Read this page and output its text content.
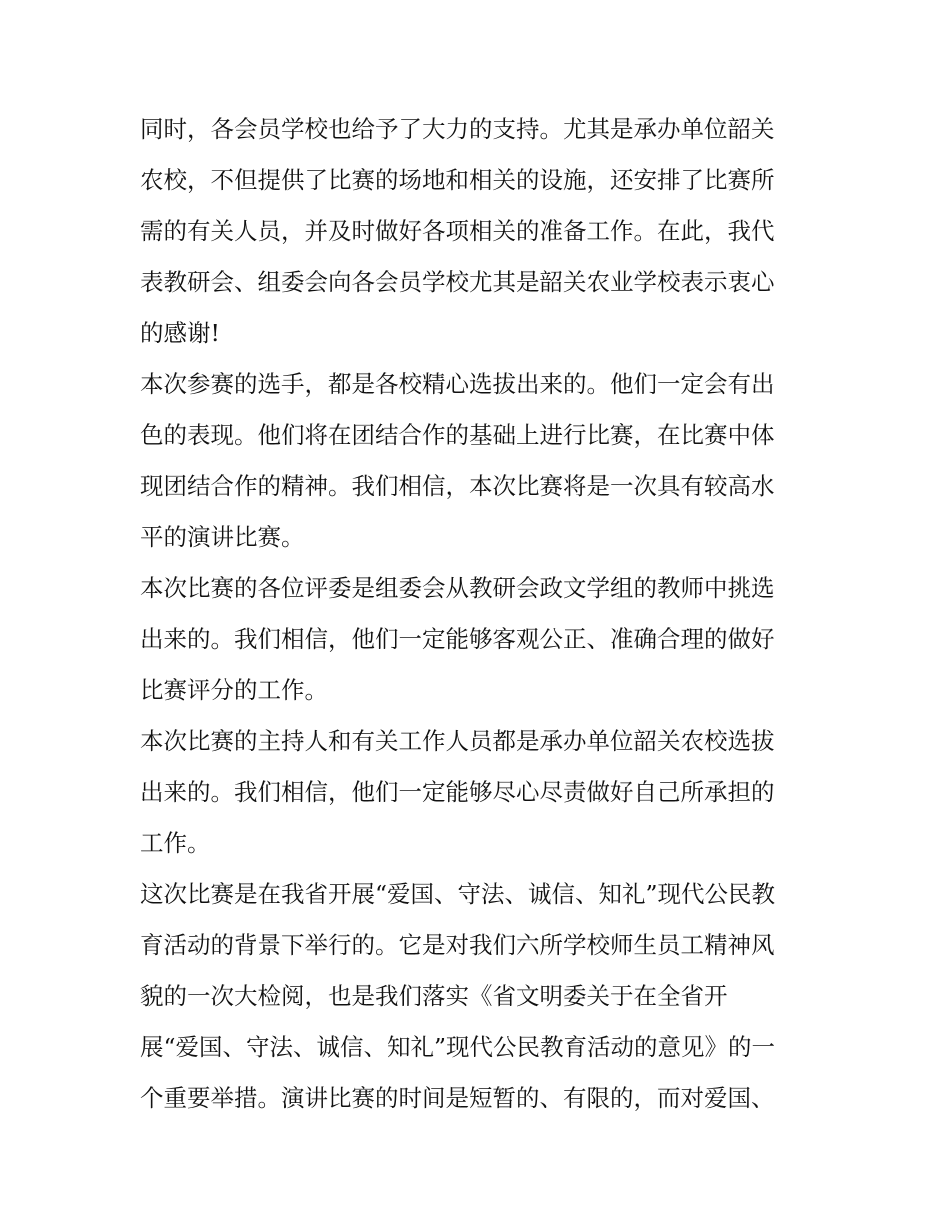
同时，各会员学校也给予了大力的支持。尤其是承办单位韶关
农校，不但提供了比赛的场地和相关的设施，还安排了比赛所
需的有关人员，并及时做好各项相关的准备工作。在此，我代
表教研会、组委会向各会员学校尤其是韶关农业学校表示衷心
的感谢!
本次参赛的选手，都是各校精心选拔出来的。他们一定会有出
色的表现。他们将在团结合作的基础上进行比赛，在比赛中体
现团结合作的精神。我们相信，本次比赛将是一次具有较高水
平的演讲比赛。
本次比赛的各位评委是组委会从教研会政文学组的教师中挑选
出来的。我们相信，他们一定能够客观公正、准确合理的做好
比赛评分的工作。
本次比赛的主持人和有关工作人员都是承办单位韶关农校选拔
出来的。我们相信，他们一定能够尽心尽责做好自己所承担的
工作。
这次比赛是在我省开展“爱国、守法、诚信、知礼”现代公民教
育活动的背景下举行的。它是对我们六所学校师生员工精神风
貌的一次大检阅，也是我们落实《省文明委关于在全省开
展“爱国、守法、诚信、知礼”现代公民教育活动的意见》的一
个重要举措。演讲比赛的时间是短暂的、有限的，而对爱国、
